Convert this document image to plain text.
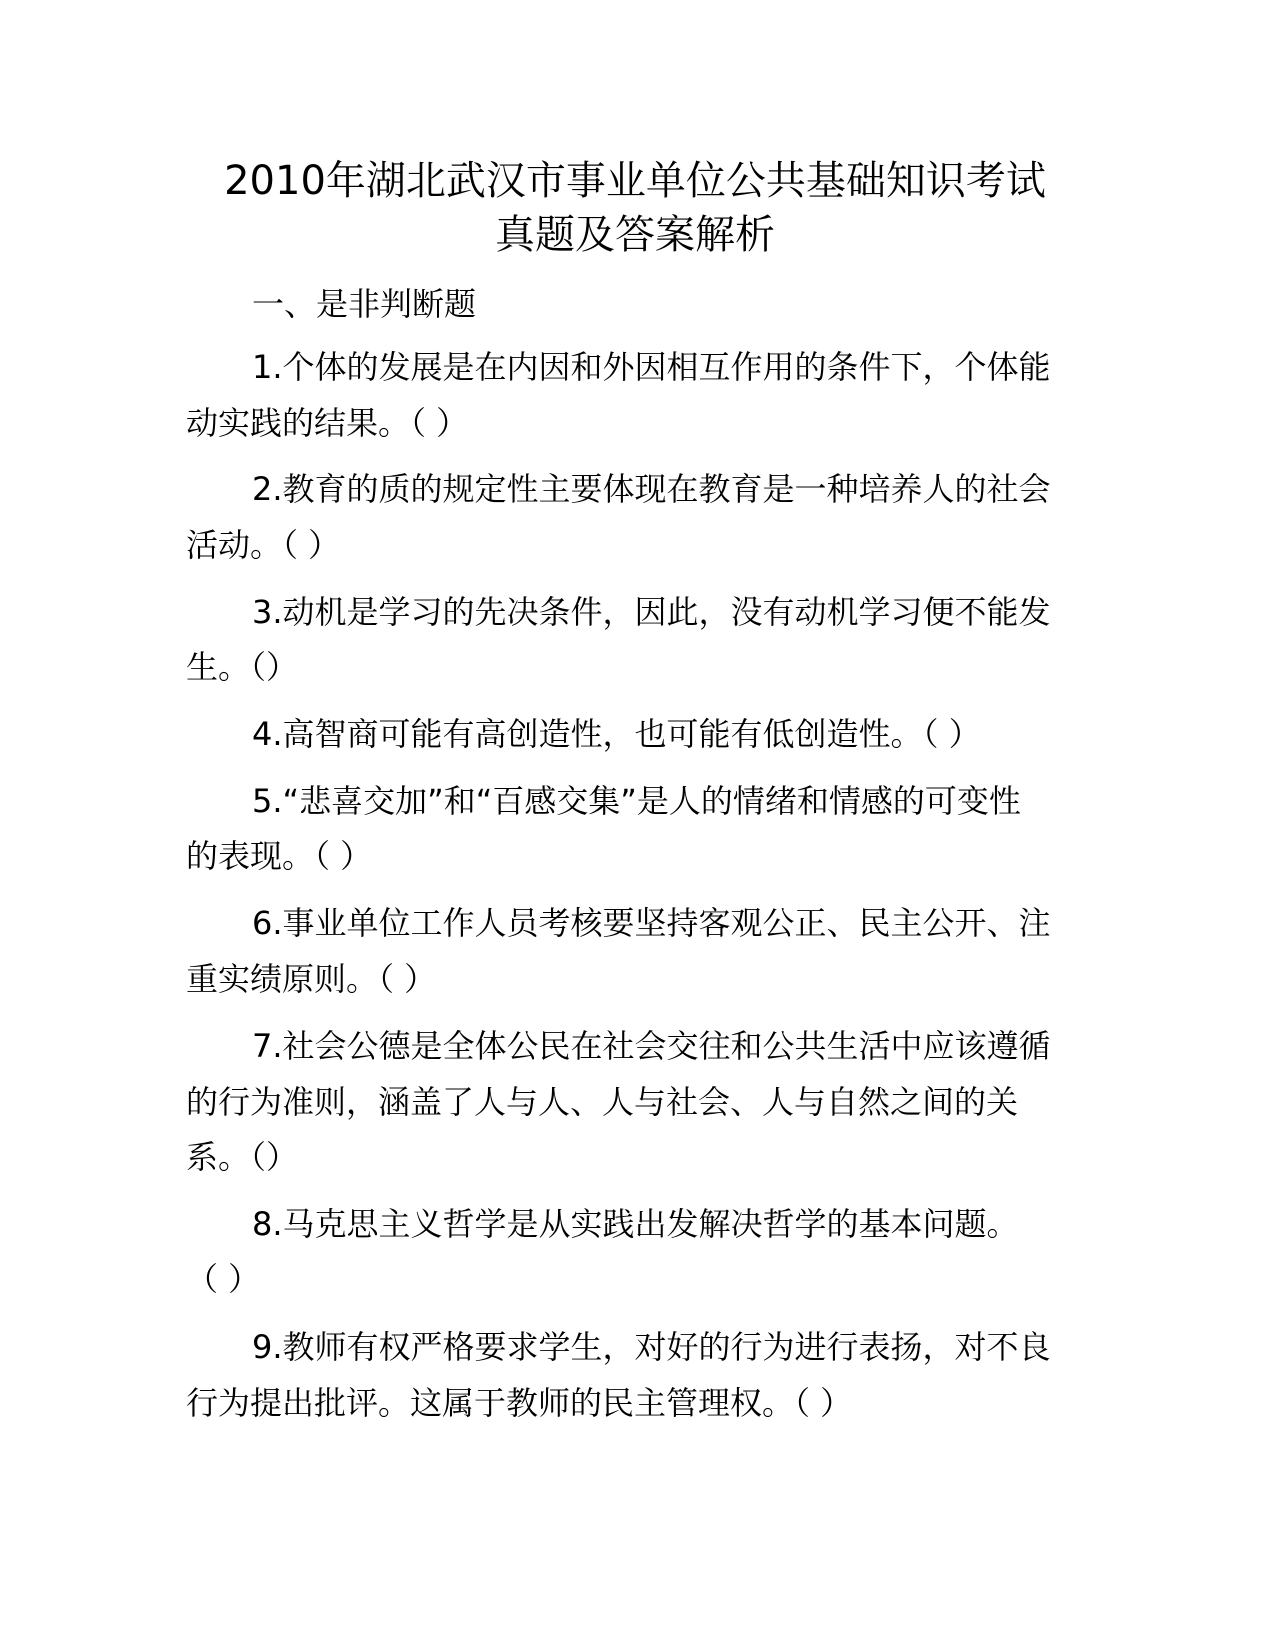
2010年湖北武汉市事业单位公共基础知识考试
真题及答案解析

一、是非判断题

1.个体的发展是在内因和外因相互作用的条件下，个体能

动实践的结果。（ ）

2.教育的质的规定性主要体现在教育是一种培养人的社会

活动。（ ）

3.动机是学习的先决条件，因此，没有动机学习便不能发

生。（）

4.高智商可能有高创造性，也可能有低创造性。（ ）

5.“悲喜交加”和“百感交集”是人的情绪和情感的可变性

的表现。（ ）

6.事业单位工作人员考核要坚持客观公正、民主公开、注

重实绩原则。（ ）

7.社会公德是全体公民在社会交往和公共生活中应该遵循

的行为准则，涵盖了人与人、人与社会、人与自然之间的关

系。（）

8.马克思主义哲学是从实践出发解决哲学的基本问题。

（ ）

9.教师有权严格要求学生，对好的行为进行表扬，对不良

行为提出批评。这属于教师的民主管理权。（ ）
